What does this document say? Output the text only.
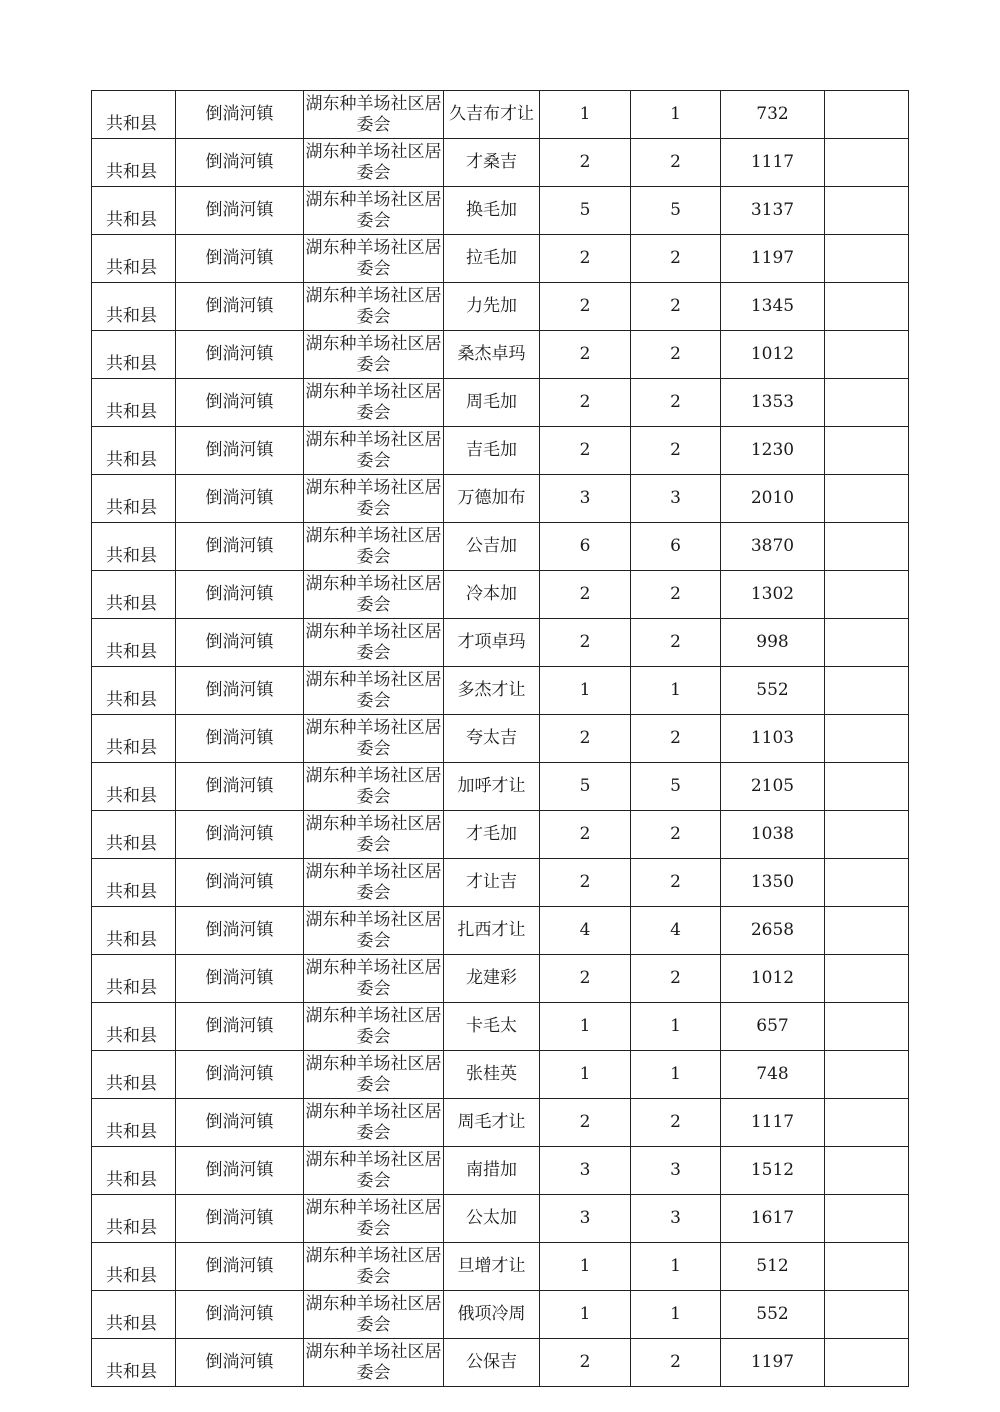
共和县	倒淌河镇	湖东种羊场社区居委会	久吉布才让	1	1	732	
共和县	倒淌河镇	湖东种羊场社区居委会	才桑吉	2	2	1117	
共和县	倒淌河镇	湖东种羊场社区居委会	换毛加	5	5	3137	
共和县	倒淌河镇	湖东种羊场社区居委会	拉毛加	2	2	1197	
共和县	倒淌河镇	湖东种羊场社区居委会	力先加	2	2	1345	
共和县	倒淌河镇	湖东种羊场社区居委会	桑杰卓玛	2	2	1012	
共和县	倒淌河镇	湖东种羊场社区居委会	周毛加	2	2	1353	
共和县	倒淌河镇	湖东种羊场社区居委会	吉毛加	2	2	1230	
共和县	倒淌河镇	湖东种羊场社区居委会	万德加布	3	3	2010	
共和县	倒淌河镇	湖东种羊场社区居委会	公吉加	6	6	3870	
共和县	倒淌河镇	湖东种羊场社区居委会	冷本加	2	2	1302	
共和县	倒淌河镇	湖东种羊场社区居委会	才项卓玛	2	2	998	
共和县	倒淌河镇	湖东种羊场社区居委会	多杰才让	1	1	552	
共和县	倒淌河镇	湖东种羊场社区居委会	夸太吉	2	2	1103	
共和县	倒淌河镇	湖东种羊场社区居委会	加呼才让	5	5	2105	
共和县	倒淌河镇	湖东种羊场社区居委会	才毛加	2	2	1038	
共和县	倒淌河镇	湖东种羊场社区居委会	才让吉	2	2	1350	
共和县	倒淌河镇	湖东种羊场社区居委会	扎西才让	4	4	2658	
共和县	倒淌河镇	湖东种羊场社区居委会	龙建彩	2	2	1012	
共和县	倒淌河镇	湖东种羊场社区居委会	卡毛太	1	1	657	
共和县	倒淌河镇	湖东种羊场社区居委会	张桂英	1	1	748	
共和县	倒淌河镇	湖东种羊场社区居委会	周毛才让	2	2	1117	
共和县	倒淌河镇	湖东种羊场社区居委会	南措加	3	3	1512	
共和县	倒淌河镇	湖东种羊场社区居委会	公太加	3	3	1617	
共和县	倒淌河镇	湖东种羊场社区居委会	旦增才让	1	1	512	
共和县	倒淌河镇	湖东种羊场社区居委会	俄项冷周	1	1	552	
共和县	倒淌河镇	湖东种羊场社区居委会	公保吉	2	2	1197	
